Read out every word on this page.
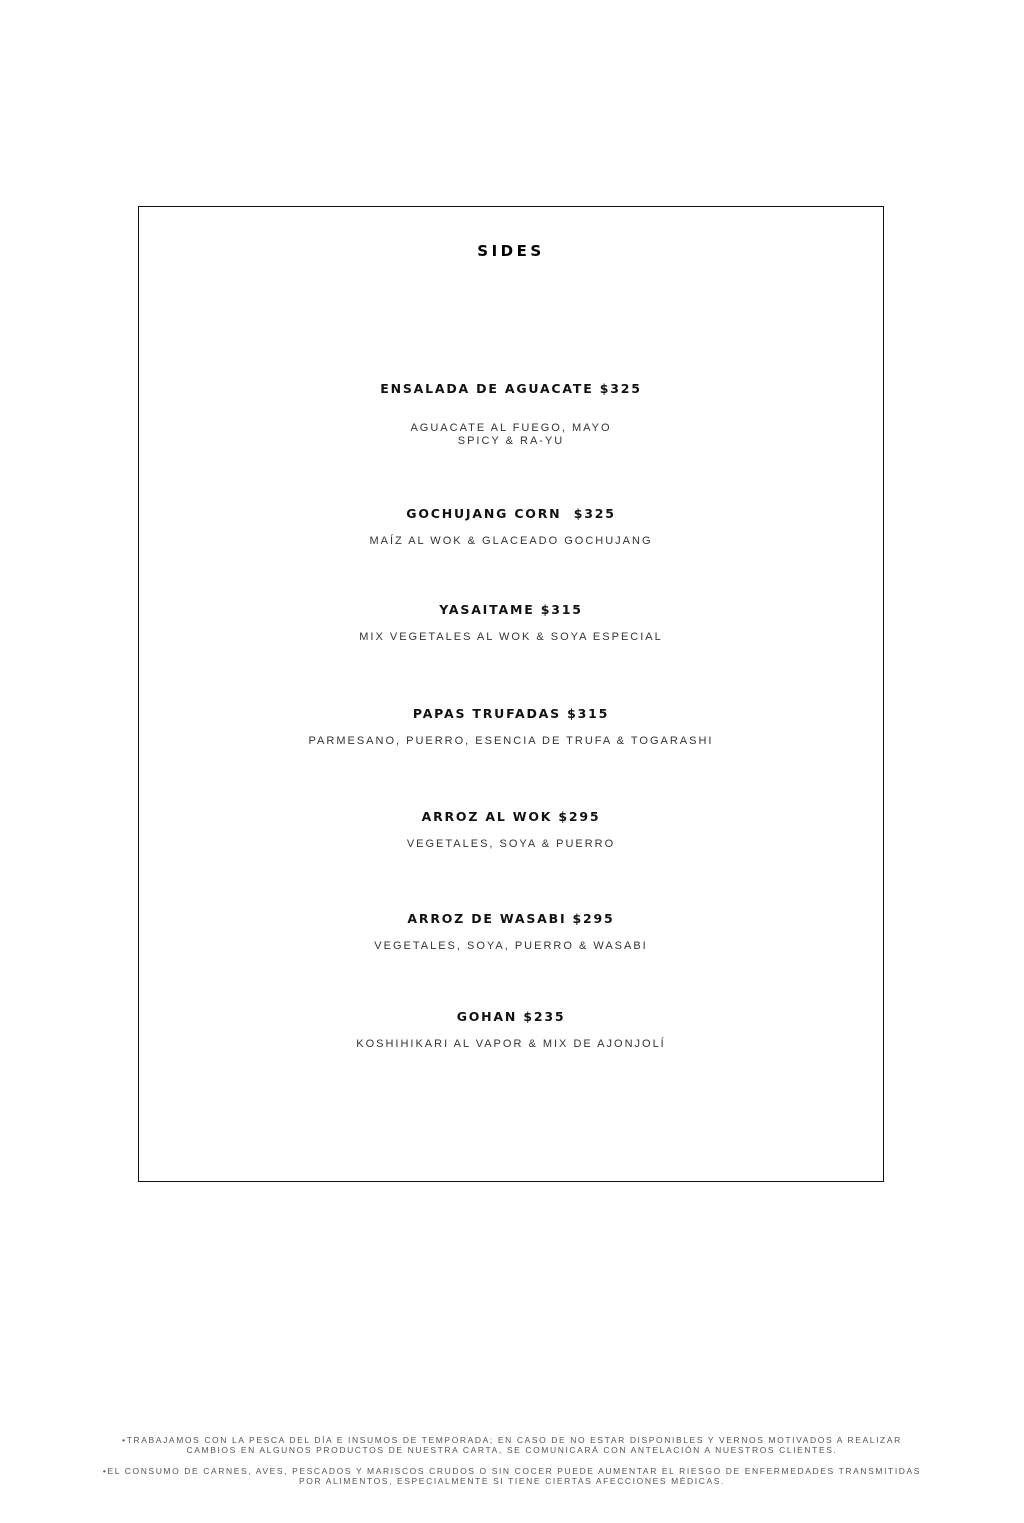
SIDES
ENSALADA DE AGUACATE $325
AGUACATE AL FUEGO, MAYO
SPICY & RA-YU
GOCHUJANG CORN  $325
MAÍZ AL WOK & GLACEADO GOCHUJANG
YASAITAME $315
MIX VEGETALES AL WOK & SOYA ESPECIAL
PAPAS TRUFADAS $315
PARMESANO, PUERRO, ESENCIA DE TRUFA & TOGARASHI
ARROZ AL WOK $295
VEGETALES, SOYA & PUERRO
ARROZ DE WASABI $295
VEGETALES, SOYA, PUERRO & WASABI
GOHAN $235
KOSHIHIKARI AL VAPOR & MIX DE AJONJOLÍ
•TRABAJAMOS CON LA PESCA DEL DÍA E INSUMOS DE TEMPORADA; EN CASO DE NO ESTAR DISPONIBLES Y VERNOS MOTIVADOS A REALIZAR
CAMBIOS EN ALGUNOS PRODUCTOS DE NUESTRA CARTA, SE COMUNICARÁ CON ANTELACIÓN A NUESTROS CLIENTES.
•EL CONSUMO DE CARNES, AVES, PESCADOS Y MARISCOS CRUDOS O SIN COCER PUEDE AUMENTAR EL RIESGO DE ENFERMEDADES TRANSMITIDAS
POR ALIMENTOS, ESPECIALMENTE SI TIENE CIERTAS AFECCIONES MÉDICAS.
